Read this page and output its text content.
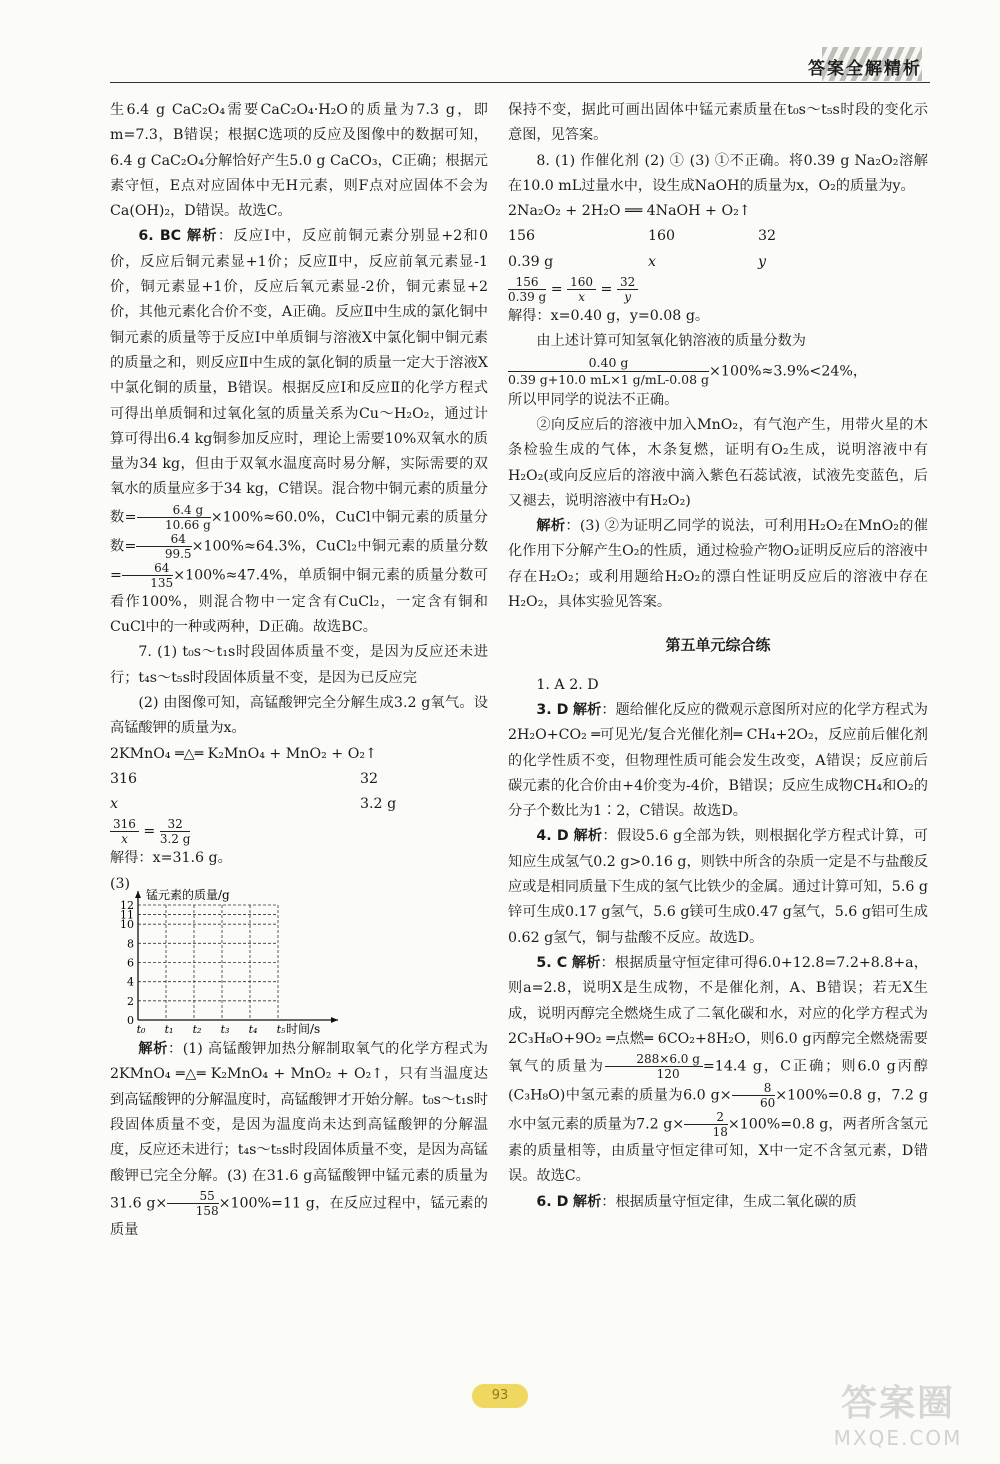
答案全解精析

生6.4 g CaC₂O₄需要CaC₂O₄·H₂O的质量为7.3 g，即m=7.3，B错误；根据C选项的反应及图像中的数据可知，6.4 g CaC₂O₄分解恰好产生5.0 g CaCO₃，C正确；根据元素守恒，E点对应固体中无H元素，则F点对应固体不会为Ca(OH)₂，D错误。故选C。

6. BC 解析：反应Ⅰ中，反应前铜元素分别显+2和0价，反应后铜元素显+1价；反应Ⅱ中，反应前氧元素显-1价，铜元素显+1价，反应后氧元素显-2价，铜元素显+2价，其他元素化合价不变，A正确。反应Ⅱ中生成的氯化铜中铜元素的质量等于反应Ⅰ中单质铜与溶液X中氯化铜中铜元素的质量之和，则反应Ⅱ中生成的氯化铜的质量一定大于溶液X中氯化铜的质量，B错误。根据反应Ⅰ和反应Ⅱ的化学方程式可得出单质铜和过氧化氢的质量关系为Cu～H₂O₂，通过计算可得出6.4 kg铜参加反应时，理论上需要10%双氧水的质量为34 kg，但由于双氧水温度高时易分解，实际需要的双氧水的质量应多于34 kg，C错误。混合物中铜元素的质量分数= $\frac{6.4 g}{10.66 g} \times 100\%\approx 60.0\%$，CuCl中铜元素的质量分数= $\frac{64}{99.5} \times 100\%\approx 64.3\%$，CuCl₂中铜元素的质量分数= $\frac{64}{135} \times 100\%\approx 47.4\%$，单质铜中铜元素的质量分数可看作100%，则混合物中一定含有CuCl₂，一定含有铜和CuCl中的一种或两种，D正确。故选BC。

7. (1) t₀s～t₁s时段固体质量不变，是因为反应还未进行；t₄s～t₅s时段固体质量不变，是因为已反应完

(2) 由图像可知，高锰酸钾完全分解生成3.2 g氧气。设高锰酸钾的质量为x。

2KMnO₄ ═△═ K₂MnO₄ + MnO₂ + O₂↑

316	32
x	3.2 g

$\frac{316}{x} = \frac{32}{3.2 g}$

解得：x=31.6 g。

(3)

0
2
4
6
8
10
11
12
t₀ t₁ t₂ t₃ t₄ t₅
锰元素的质量/g
时间/s

解析：(1) 高锰酸钾加热分解制取氧气的化学方程式为2KMnO₄ ═△═ K₂MnO₄ + MnO₂ + O₂↑，只有当温度达到高锰酸钾的分解温度时，高锰酸钾才开始分解。t₀s～t₁s时段固体质量不变，是因为温度尚未达到高锰酸钾的分解温度，反应还未进行；t₄s～t₅s时段固体质量不变，是因为高锰酸钾已完全分解。(3) 在31.6 g高锰酸钾中锰元素的质量为31.6 $g\times \frac{55}{158} \times 100\%=11$ g，在反应过程中，锰元素的质量

保持不变，据此可画出固体中锰元素质量在t₀s～t₅s时段的变化示意图，见答案。

8. (1) 作催化剂 (2) ① (3) ①不正确。将0.39 g Na₂O₂溶解在10.0 mL过量水中，设生成NaOH的质量为x，O₂的质量为y。

2Na₂O₂ + 2H₂O ══ 4NaOH + O₂↑

156	160	32
0.39 g	x	y

$\frac{156}{0.39 g} = \frac{160}{x} = \frac{32}{y}$

解得：x=0.40 g，y=0.08 g。

由上述计算可知氢氧化钠溶液的质量分数为

$\frac{0.40 g}{0.39 g+10.0 mL\times 1 g/mL-0.08 g} \times 100\%\approx 3.9\%<24\%$，

所以甲同学的说法不正确。

②向反应后的溶液中加入MnO₂，有气泡产生，用带火星的木条检验生成的气体，木条复燃，证明有O₂生成，说明溶液中有H₂O₂(或向反应后的溶液中滴入紫色石蕊试液，试液先变蓝色，后又褪去，说明溶液中有H₂O₂)

解析：(3) ②为证明乙同学的说法，可利用H₂O₂在MnO₂的催化作用下分解产生O₂的性质，通过检验产物O₂证明反应后的溶液中存在H₂O₂；或利用题给H₂O₂的漂白性证明反应后的溶液中存在H₂O₂，具体实验见答案。

第五单元综合练

1. A 2. D

3. D 解析：题给催化反应的微观示意图所对应的化学方程式为2H₂O+CO₂ ═可见光/复合光催化剂═ CH₄+2O₂，反应前后催化剂的化学性质不变，但物理性质可能会发生改变，A错误；反应前后碳元素的化合价由+4价变为-4价，B错误；反应生成物CH₄和O₂的分子个数比为1∶2，C错误。故选D。

4. D 解析：假设5.6 g全部为铁，则根据化学方程式计算，可知应生成氢气0.2 g>0.16 g，则铁中所含的杂质一定是不与盐酸反应或是相同质量下生成的氢气比铁少的金属。通过计算可知，5.6 g锌可生成0.17 g氢气，5.6 g镁可生成0.47 g氢气，5.6 g铝可生成0.62 g氢气，铜与盐酸不反应。故选D。

5. C 解析：根据质量守恒定律可得6.0+12.8=7.2+8.8+a，则a=2.8，说明X是生成物，不是催化剂，A、B错误；若无X生成，说明丙醇完全燃烧生成了二氧化碳和水，对应的化学方程式为2C₃H₈O+9O₂ ═点燃═ 6CO₂+8H₂O，则6.0 g丙醇完全燃烧需要氧气的质量为 $\frac{288\times 6.0 g}{120} =14.4$ g，C正确；则6.0 g丙醇(C₃H₈O)中氢元素的质量为6.0 $g\times \frac{8}{60} \times 100\%=0.8$ g，7.2 g水中氢元素的质量为7.2 $g\times \frac{2}{18} \times 100\%=0.8$ g，两者所含氢元素的质量相等，由质量守恒定律可知，X中一定不含氢元素，D错误。故选C。

6. D 解析：根据质量守恒定律，生成二氧化碳的质

93	答案圈
MXQE.COM
